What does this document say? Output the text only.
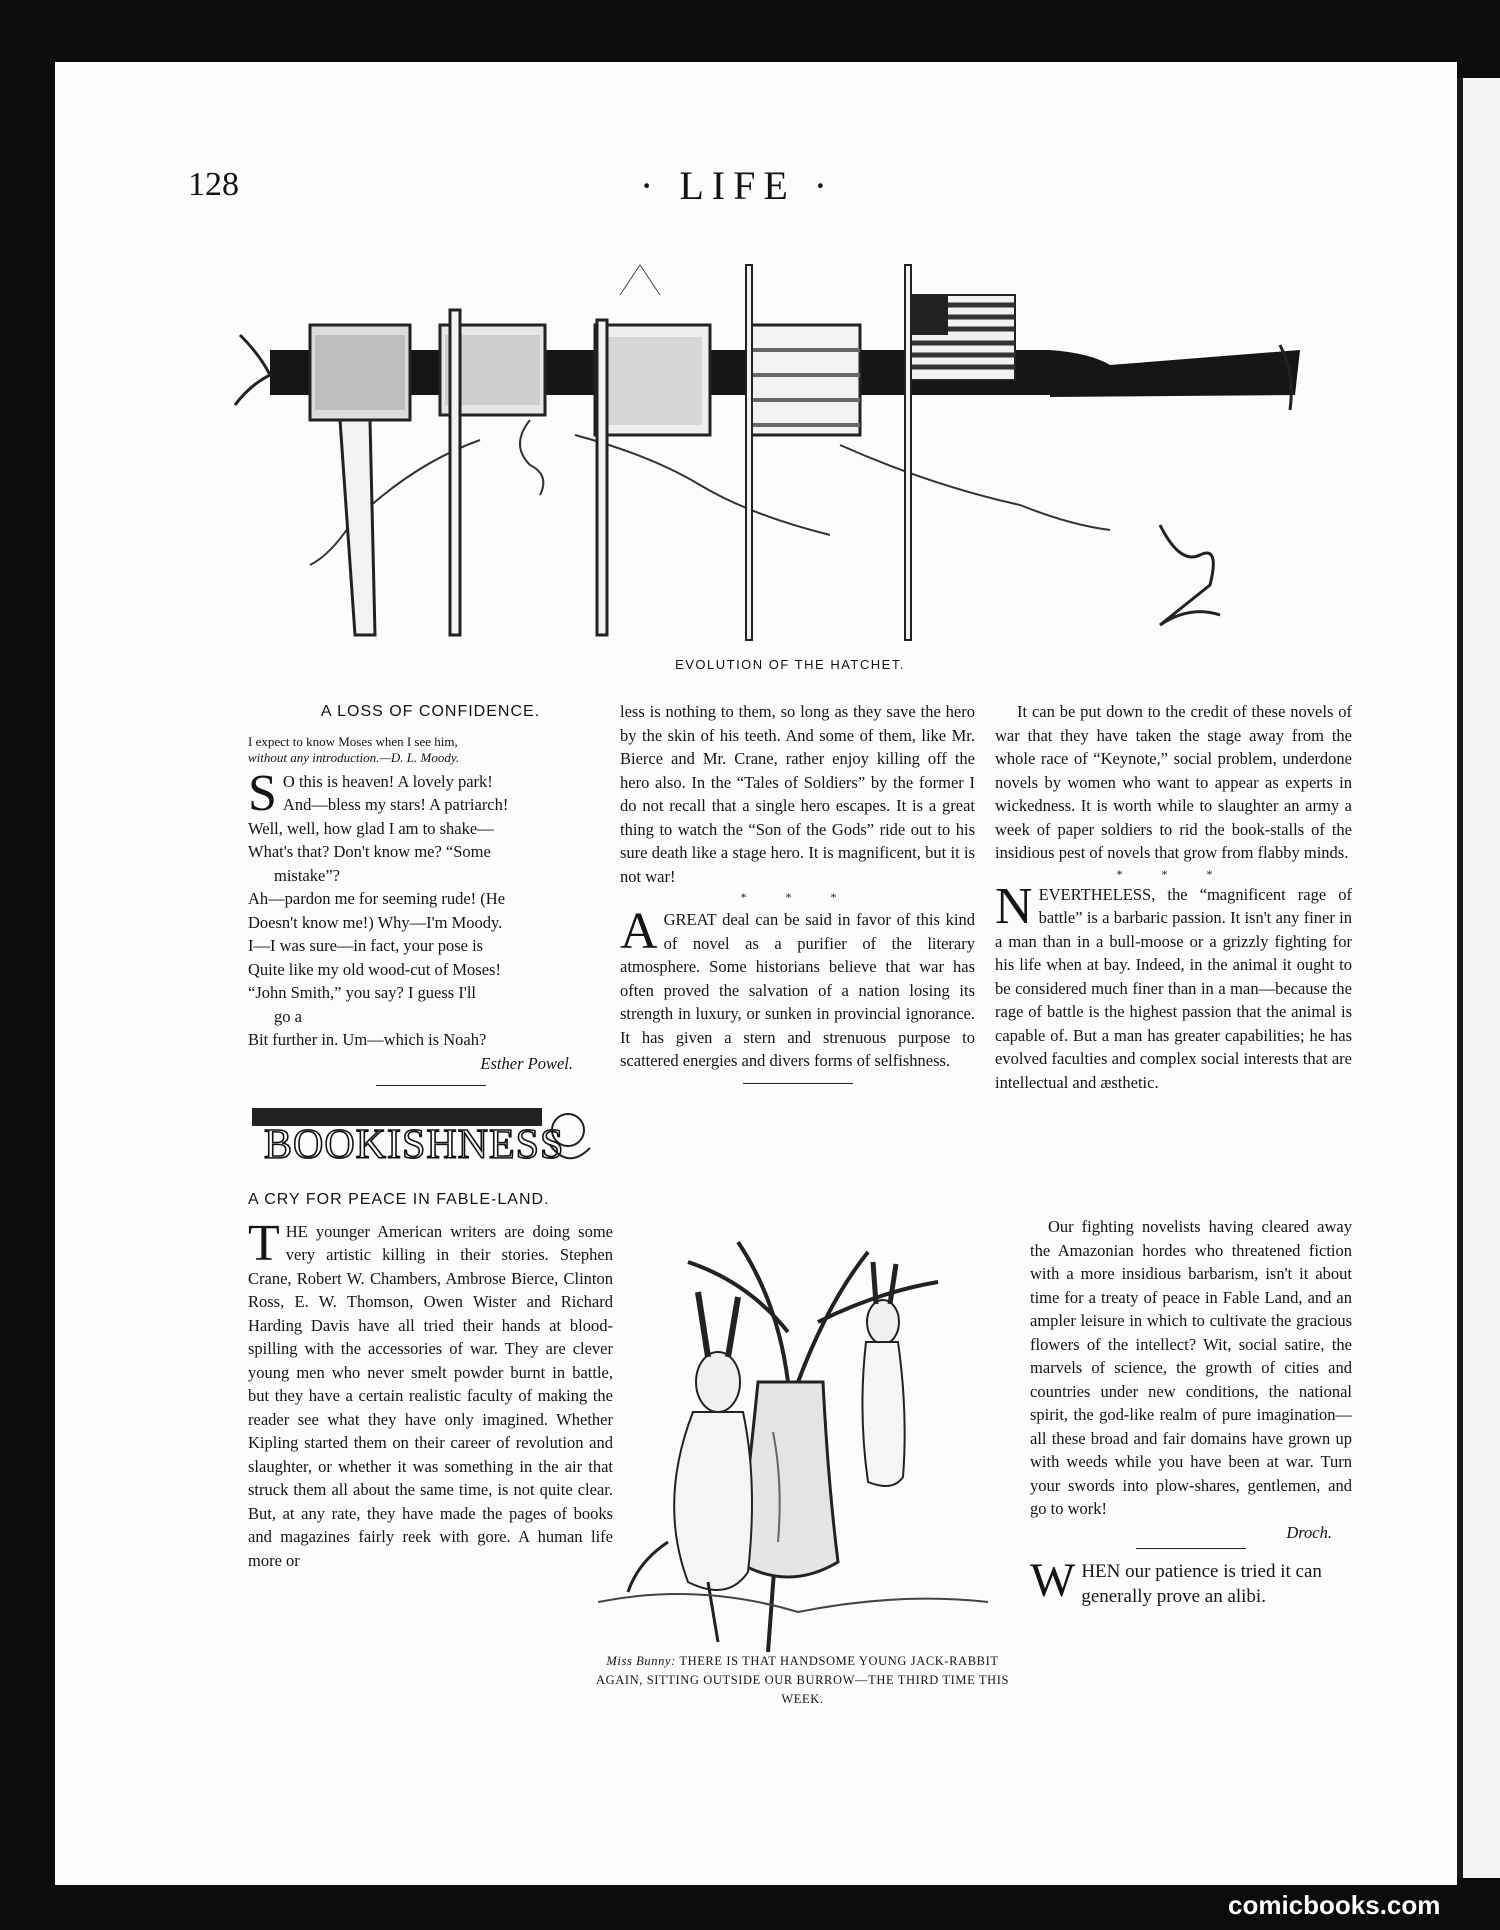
128	· LIFE ·
EVOLUTION OF THE HATCHET.

A LOSS OF CONFIDENCE.

I expect to know Moses when I see him,
without any introduction.—D. L. Moody.

S O this is heaven! A lovely park!
And—bless my stars! A patriarch!
Well, well, how glad I am to shake—
What's that? Don't know me? “Some
mistake”?
Ah—pardon me for seeming rude! (He
Doesn't know me!) Why—I'm Moody.
I—I was sure—in fact, your pose is
Quite like my old wood-cut of Moses!
“John Smith,” you say? I guess I'll
go a
Bit further in. Um—which is Noah?

Esther Powel.

BOOKISHNESS

A CRY FOR PEACE IN FABLE-LAND.

THE younger American writers are doing some very artistic killing in their stories. Stephen Crane, Robert W. Chambers, Ambrose Bierce, Clinton Ross, E. W. Thomson, Owen Wister and Richard Harding Davis have all tried their hands at blood-spilling with the accessories of war. They are clever young men who never smelt powder burnt in battle, but they have a certain realistic faculty of making the reader see what they have only imagined. Whether Kipling started them on their career of revolution and slaughter, or whether it was something in the air that struck them all about the same time, is not quite clear. But, at any rate, they have made the pages of books and magazines fairly reek with gore. A human life more or

less is nothing to them, so long as they save the hero by the skin of his teeth. And some of them, like Mr. Bierce and Mr. Crane, rather enjoy killing off the hero also. In the “Tales of Soldiers” by the former I do not recall that a single hero escapes. It is a great thing to watch the “Son of the Gods” ride out to his sure death like a stage hero. It is magnificent, but it is not war!

* * *

AGREAT deal can be said in favor of this kind of novel as a purifier of the literary atmosphere. Some historians believe that war has often proved the salvation of a nation losing its strength in luxury, or sunken in provincial ignorance. It has given a stern and strenuous purpose to scattered energies and divers forms of selfishness.

Miss Bunny: THERE IS THAT HANDSOME YOUNG JACK-RABBIT AGAIN, SITTING OUTSIDE OUR BURROW—THE THIRD TIME THIS WEEK.

It can be put down to the credit of these novels of war that they have taken the stage away from the whole race of “Keynote,” social problem, underdone novels by women who want to appear as experts in wickedness. It is worth while to slaughter an army a week of paper soldiers to rid the book-stalls of the insidious pest of novels that grow from flabby minds.

* * *

NEVERTHELESS, the “magnificent rage of battle” is a barbaric passion. It isn't any finer in a man than in a bull-moose or a grizzly fighting for his life when at bay. Indeed, in the animal it ought to be considered much finer than in a man—because the rage of battle is the highest passion that the animal is capable of. But a man has greater capabilities; he has evolved faculties and complex social interests that are intellectual and æsthetic.

Our fighting novelists having cleared away the Amazonian hordes who threatened fiction with a more insidious barbarism, isn't it about time for a treaty of peace in Fable Land, and an ampler leisure in which to cultivate the gracious flowers of the intellect? Wit, social satire, the marvels of science, the growth of cities and countries under new conditions, the national spirit, the god-like realm of pure imagination—all these broad and fair domains have grown up with weeds while you have been at war. Turn your swords into plow-shares, gentlemen, and go to work!

Droch.

WHEN our patience is tried it can generally prove an alibi.

comicbooks.com
